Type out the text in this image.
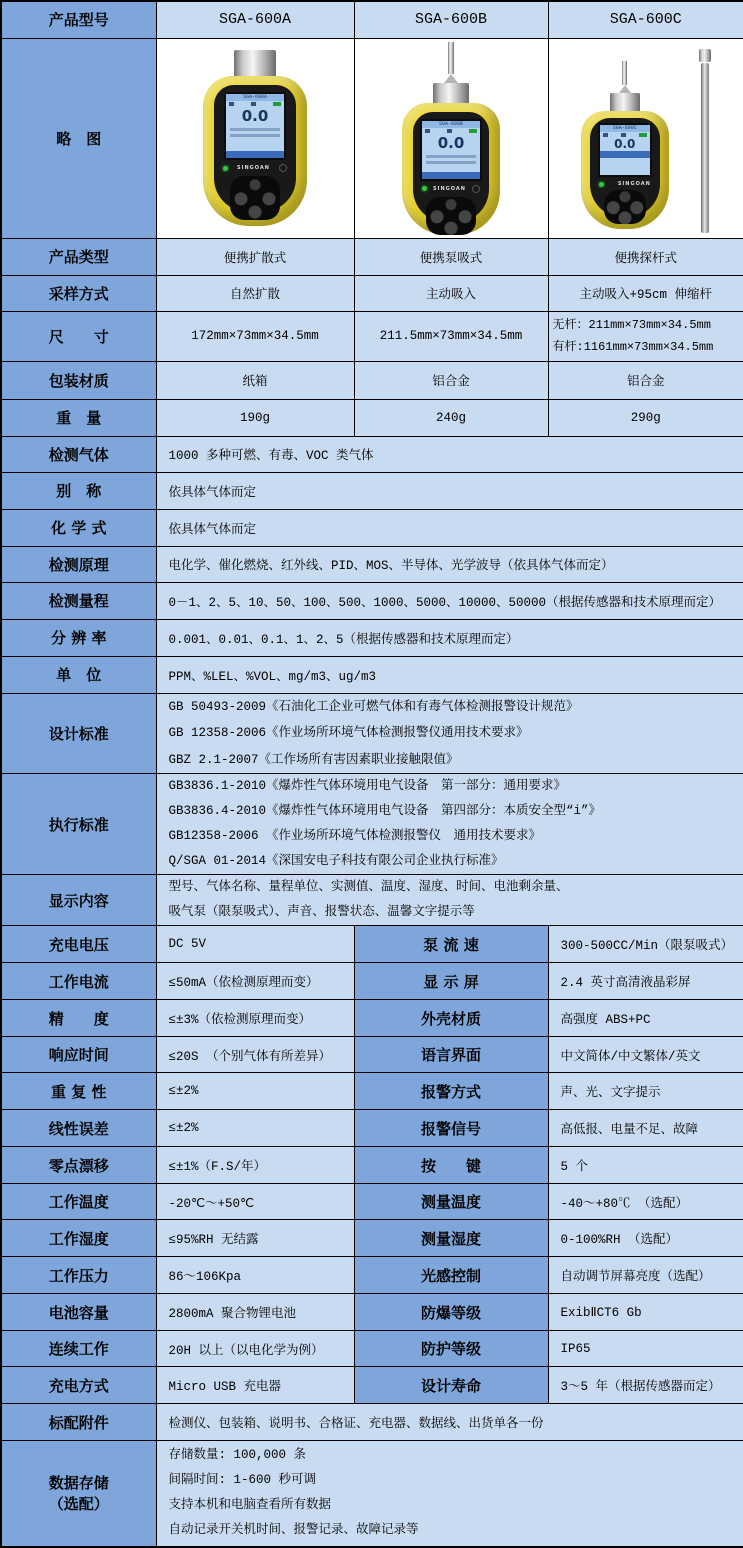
产品型号	SGA-600A	SGA-600B	SGA-600C
略　图	
SGA-600A
0.0
SINGOAN

SGA-600B
0.0
SINGOAN

SGA-600C
0.0
SINGOAN

产品类型	便携扩散式	便携泵吸式	便携探杆式
采样方式	自然扩散	主动吸入	主动吸入+95cm 伸缩杆
尺　　寸	172mm×73mm×34.5mm	211.5mm×73mm×34.5mm	无杆：211mm×73mm×34.5mm
有杆:1161mm×73mm×34.5mm

包装材质	纸箱	铝合金	铝合金
重　量	190g	240g	290g
检测气体	1000 多种可燃、有毒、VOC 类气体		
别　称	依具体气体而定		
化 学 式	依具体气体而定		
检测原理	电化学、催化燃烧、红外线、PID、MOS、半导体、光学波导（依具体气体而定）		
检测量程	0－1、2、5、10、50、100、500、1000、5000、10000、50000（根据传感器和技术原理而定）		
分 辨 率	0.001、0.01、0.1、1、2、5（根据传感器和技术原理而定）		
单　位	PPM、%LEL、%VOL、mg/m3、ug/m3		
设计标准	GB 50493-2009《石油化工企业可燃气体和有毒气体检测报警设计规范》
GB 12358-2006《作业场所环境气体检测报警仪通用技术要求》
GBZ 2.1-2007《工作场所有害因素职业接触限值》		

执行标准	GB3836.1-2010《爆炸性气体环境用电气设备　第一部分：通用要求》
GB3836.4-2010《爆炸性气体环境用电气设备　第四部分：本质安全型“i”》
GB12358-2006 《作业场所环境气体检测报警仪　通用技术要求》
Q/SGA 01-2014《深国安电子科技有限公司企业执行标准》		

显示内容	型号、气体名称、量程单位、实测值、温度、湿度、时间、电池剩余量、
吸气泵（限泵吸式）、声音、报警状态、温馨文字提示等		

充电电压	DC 5V	泵 流 速	300-500CC/Min（限泵吸式）
工作电流	≤50mA（依检测原理而变）	显 示 屏	2.4 英寸高清液晶彩屏
精　　度	≤±3%（依检测原理而变）	外壳材质	高强度 ABS+PC
响应时间	≤20S （个别气体有所差异）	语言界面	中文简体/中文繁体/英文
重 复 性	≤±2%	报警方式	声、光、文字提示
线性误差	≤±2%	报警信号	高低报、电量不足、故障
零点漂移	≤±1%（F.S/年）	按　　键	5 个
工作温度	-20℃～+50℃	测量温度	-40～+80℃ （选配）
工作湿度	≤95%RH 无结露	测量湿度	0-100%RH （选配）
工作压力	86～106Kpa	光感控制	自动调节屏幕亮度（选配）
电池容量	2800mA 聚合物锂电池	防爆等级	ExibⅡCT6 Gb
连续工作	20H 以上（以电化学为例）	防护等级	IP65
充电方式	Micro USB 充电器	设计寿命	3～5 年（根据传感器而定）
标配附件	检测仪、包装箱、说明书、合格证、充电器、数据线、出货单各一份		

数据存储
（选配）

存储数量: 100,000 条
间隔时间: 1-600 秒可调
支持本机和电脑查看所有数据
自动记录开关机时间、报警记录、故障记录等
